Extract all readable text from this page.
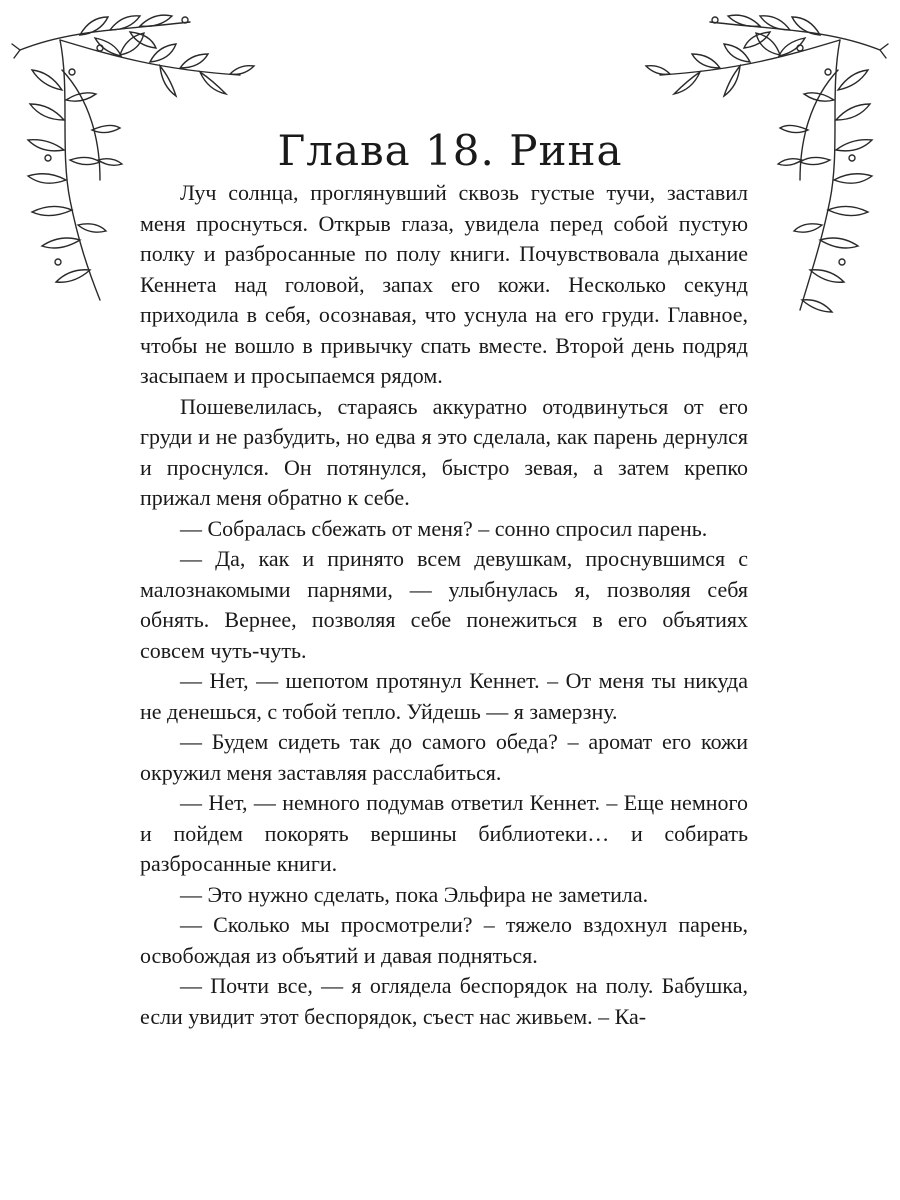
Глава 18. Рина

Луч солнца, проглянувший сквозь густые тучи, заставил меня проснуться. Открыв глаза, увидела перед собой пустую полку и разбросанные по полу книги. Почувствовала дыхание Кеннета над головой, запах его кожи. Несколько секунд приходила в себя, осознавая, что уснула на его груди. Главное, чтобы не вошло в привычку спать вместе. Второй день подряд засыпаем и просыпаемся рядом.

Пошевелилась, стараясь аккуратно отодвинуться от его груди и не разбудить, но едва я это сделала, как парень дернулся и проснулся. Он потянулся, быстро зевая, а затем крепко прижал меня обратно к себе.

— Собралась сбежать от меня? – сонно спросил парень.

— Да, как и принято всем девушкам, проснувшимся с малознакомыми парнями, — улыбнулась я, позволяя себя обнять. Вернее, позволяя себе понежиться в его объятиях совсем чуть-чуть.

— Нет, — шепотом протянул Кеннет. – От меня ты никуда не денешься, с тобой тепло. Уйдешь — я замерзну.

— Будем сидеть так до самого обеда? – аромат его кожи окружил меня заставляя расслабиться.

— Нет, — немного подумав ответил Кеннет. – Еще немного и пойдем покорять вершины библиотеки… и собирать разбросанные книги.

— Это нужно сделать, пока Эльфира не заметила.

— Сколько мы просмотрели? – тяжело вздохнул парень, освобождая из объятий и давая подняться.

— Почти все, — я оглядела беспорядок на полу. Бабушка, если увидит этот беспорядок, съест нас живьем. – Ка-
